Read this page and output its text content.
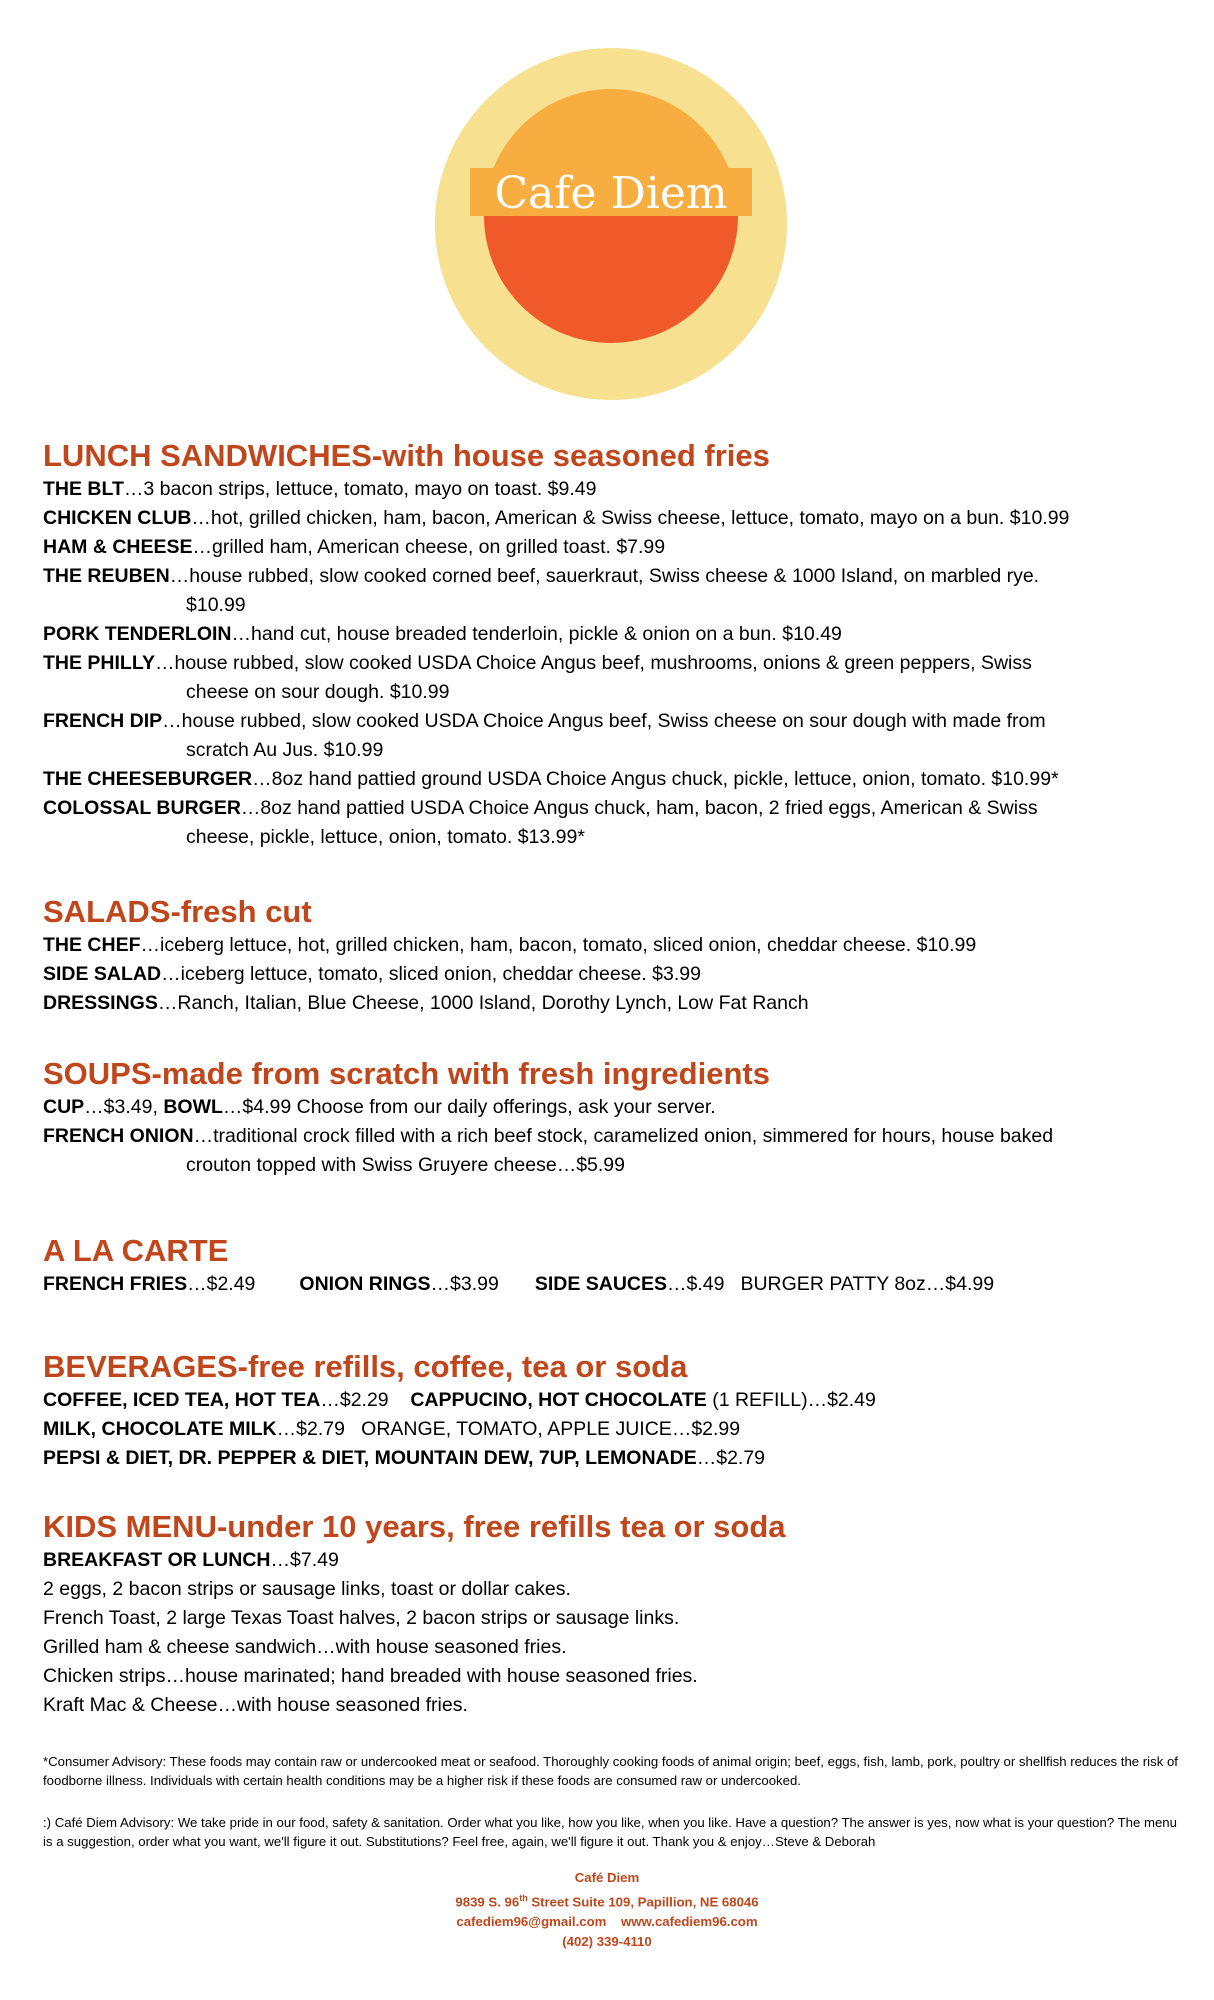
Cafe Diem
LUNCH SANDWICHES-with house seasoned fries
THE BLT…3 bacon strips, lettuce, tomato, mayo on toast. $9.49
CHICKEN CLUB…hot, grilled chicken, ham, bacon, American & Swiss cheese, lettuce, tomato, mayo on a bun. $10.99
HAM & CHEESE…grilled ham, American cheese, on grilled toast. $7.99
THE REUBEN…house rubbed, slow cooked corned beef, sauerkraut, Swiss cheese & 1000 Island, on marbled rye.
$10.99
PORK TENDERLOIN…hand cut, house breaded tenderloin, pickle & onion on a bun. $10.49
THE PHILLY…house rubbed, slow cooked USDA Choice Angus beef, mushrooms, onions & green peppers, Swiss
cheese on sour dough. $10.99
FRENCH DIP…house rubbed, slow cooked USDA Choice Angus beef, Swiss cheese on sour dough with made from
scratch Au Jus. $10.99
THE CHEESEBURGER…8oz hand pattied ground USDA Choice Angus chuck, pickle, lettuce, onion, tomato. $10.99*
COLOSSAL BURGER…8oz hand pattied USDA Choice Angus chuck, ham, bacon, 2 fried eggs, American & Swiss
cheese, pickle, lettuce, onion, tomato. $13.99*
SALADS-fresh cut
THE CHEF…iceberg lettuce, hot, grilled chicken, ham, bacon, tomato, sliced onion, cheddar cheese. $10.99
SIDE SALAD…iceberg lettuce, tomato, sliced onion, cheddar cheese. $3.99
DRESSINGS…Ranch, Italian, Blue Cheese, 1000 Island, Dorothy Lynch, Low Fat Ranch
SOUPS-made from scratch with fresh ingredients
CUP…$3.49, BOWL…$4.99 Choose from our daily offerings, ask your server.
FRENCH ONION…traditional crock filled with a rich beef stock, caramelized onion, simmered for hours, house baked
crouton topped with Swiss Gruyere cheese…$5.99
A LA CARTE
FRENCH FRIES…$2.49 ONION RINGS…$3.99 SIDE SAUCES…$.49 BURGER PATTY 8oz…$4.99
BEVERAGES-free refills, coffee, tea or soda
COFFEE, ICED TEA, HOT TEA…$2.29    CAPPUCINO, HOT CHOCOLATE (1 REFILL)…$2.49
MILK, CHOCOLATE MILK…$2.79   ORANGE, TOMATO, APPLE JUICE…$2.99
PEPSI & DIET, DR. PEPPER & DIET, MOUNTAIN DEW, 7UP, LEMONADE…$2.79
KIDS MENU-under 10 years, free refills tea or soda
BREAKFAST OR LUNCH…$7.49
2 eggs, 2 bacon strips or sausage links, toast or dollar cakes.
French Toast, 2 large Texas Toast halves, 2 bacon strips or sausage links.
Grilled ham & cheese sandwich…with house seasoned fries.
Chicken strips…house marinated; hand breaded with house seasoned fries.
Kraft Mac & Cheese…with house seasoned fries.
*Consumer Advisory: These foods may contain raw or undercooked meat or seafood. Thoroughly cooking foods of animal origin; beef, eggs, fish, lamb, pork, poultry or shellfish reduces the risk of foodborne illness. Individuals with certain health conditions may be a higher risk if these foods are consumed raw or undercooked.
:) Café Diem Advisory: We take pride in our food, safety & sanitation. Order what you like, how you like, when you like. Have a question? The answer is yes, now what is your question? The menu is a suggestion, order what you want, we'll figure it out. Substitutions? Feel free, again, we'll figure it out. Thank you & enjoy…Steve & Deborah
Café Diem
9839 S. 96th Street Suite 109, Papillion, NE 68046
cafediem96@gmail.com    www.cafediem96.com
(402) 339-4110
